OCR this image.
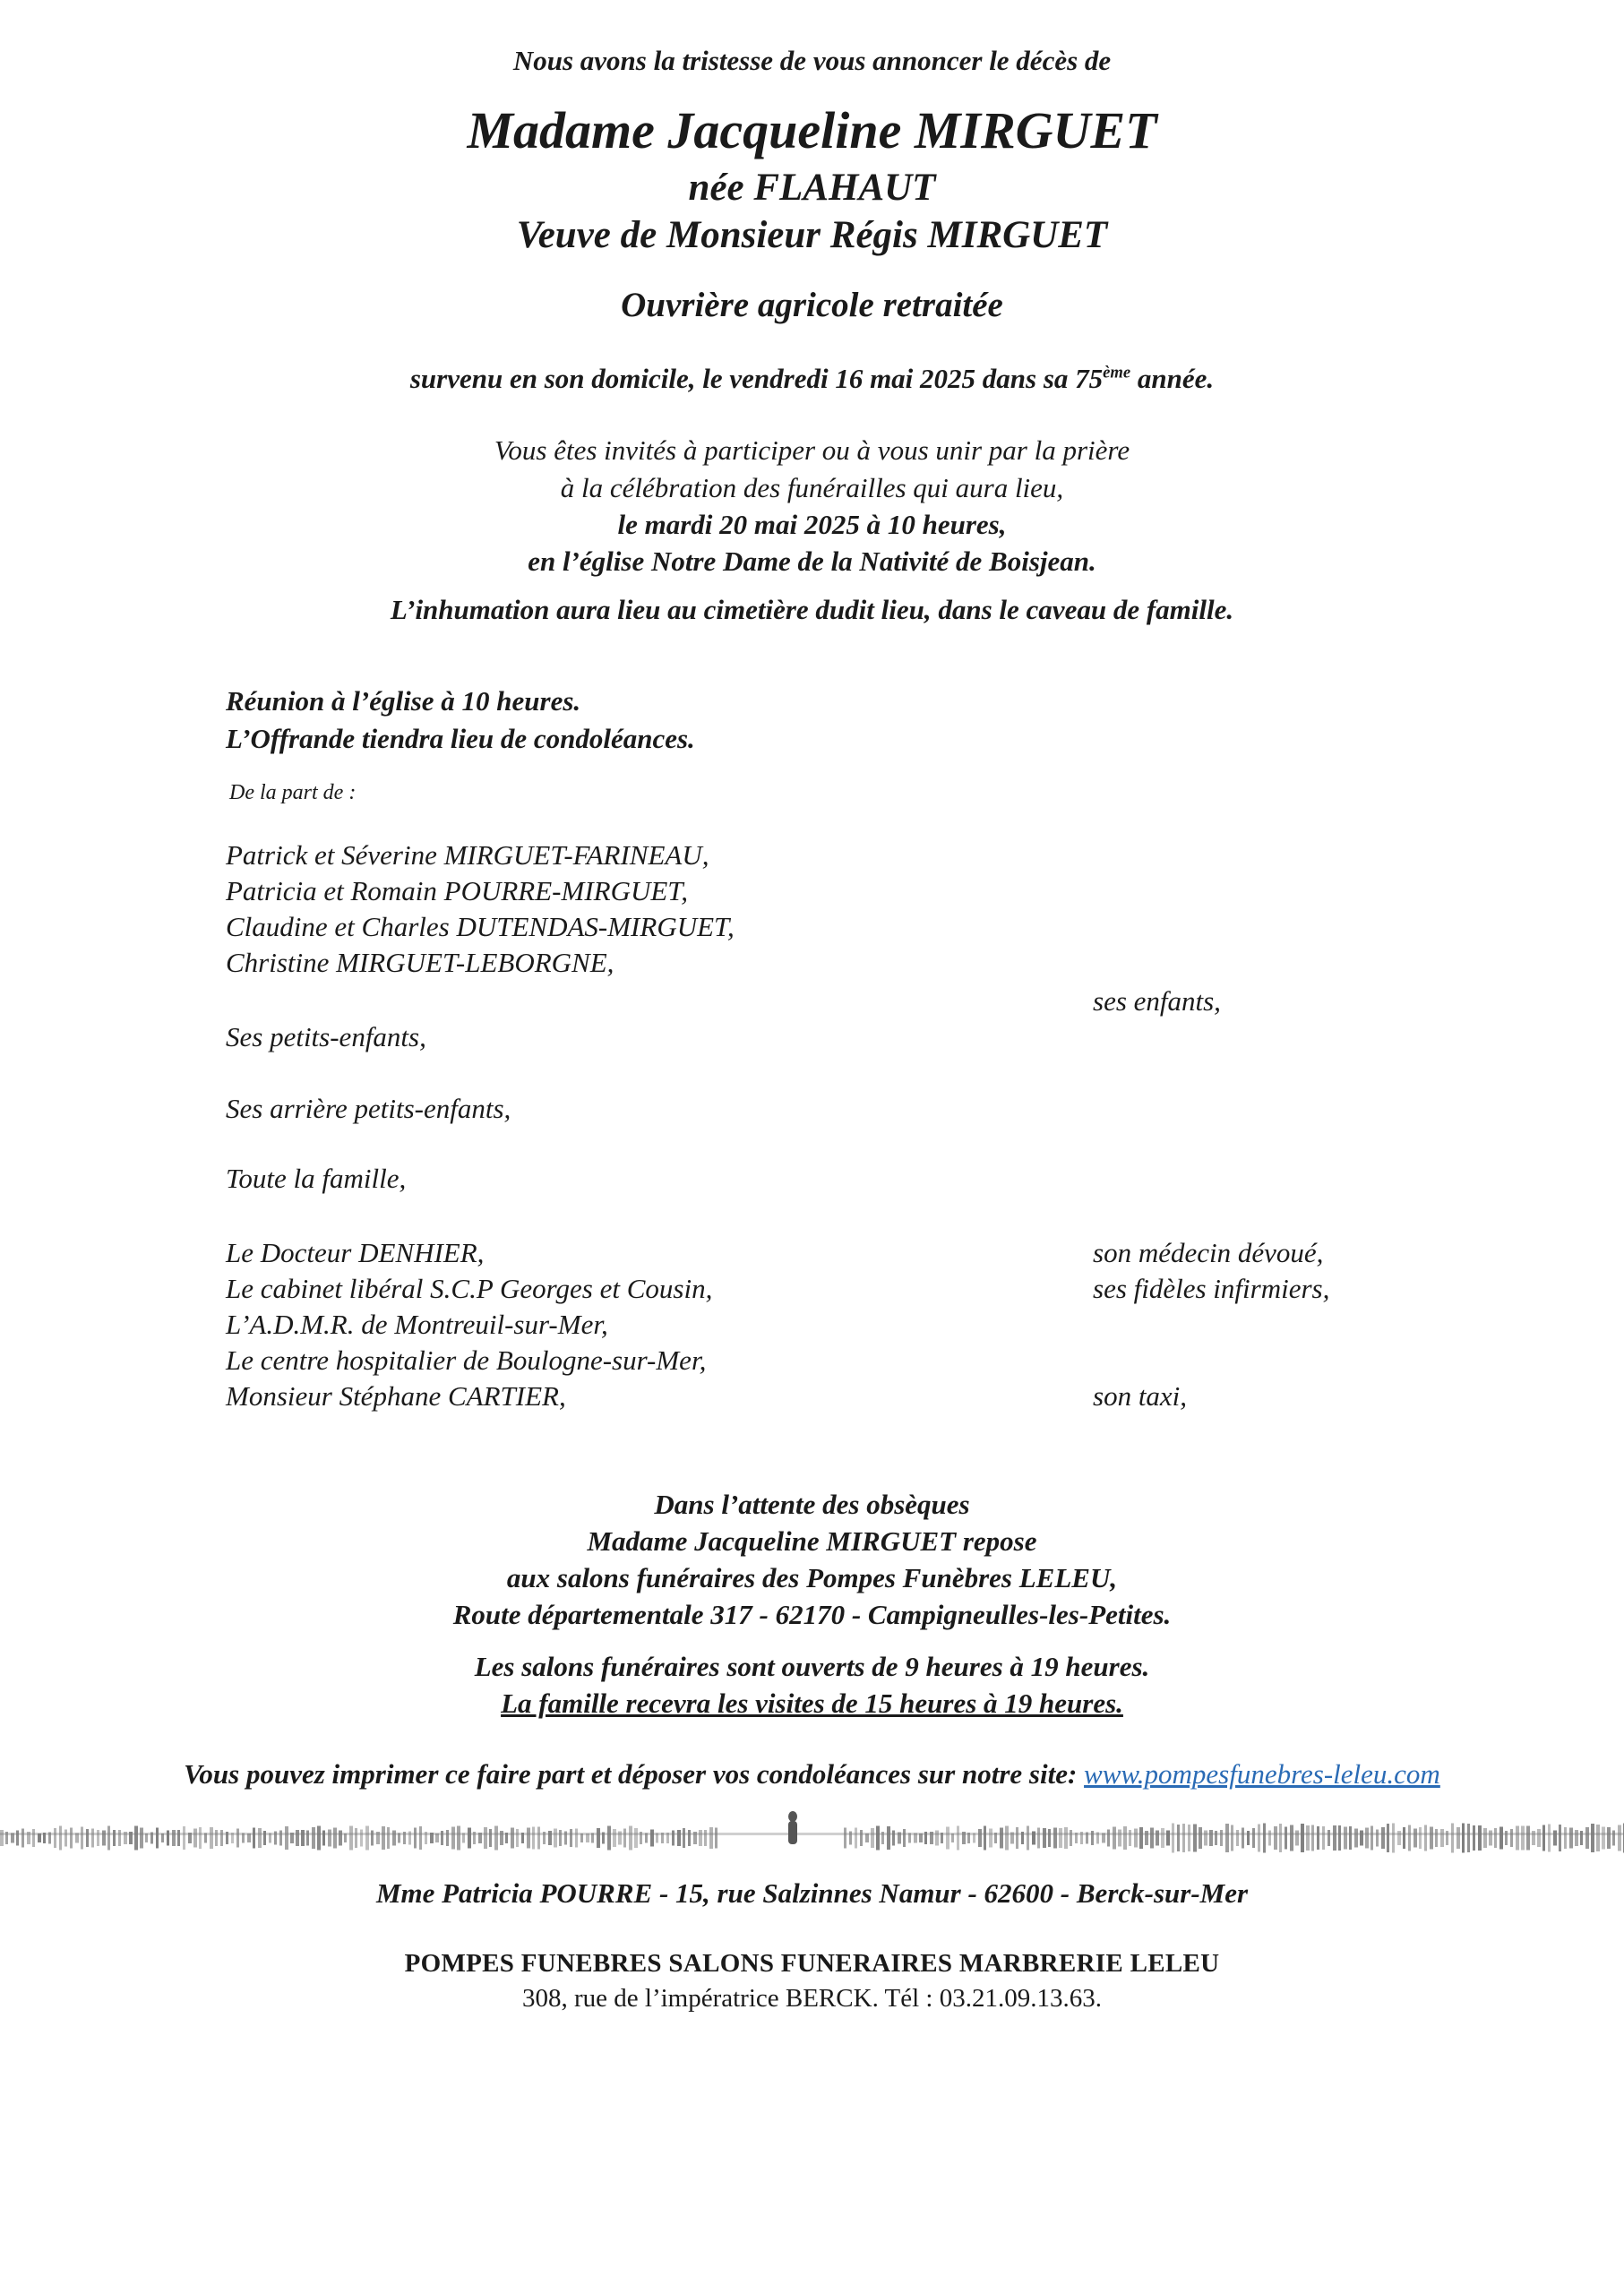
Nous avons la tristesse de vous annoncer le décès de
Madame Jacqueline MIRGUET
née FLAHAUT
Veuve de Monsieur Régis MIRGUET
Ouvrière agricole retraitée
survenu en son domicile, le vendredi 16 mai 2025 dans sa 75ème année.
Vous êtes invités à participer ou à vous unir par la prière
à la célébration des funérailles qui aura lieu,
le mardi 20 mai 2025 à 10 heures,
en l’église Notre Dame de la Nativité de Boisjean.
L’inhumation aura lieu au cimetière dudit lieu, dans le caveau de famille.
Réunion à l’église à 10 heures.
L’Offrande tiendra lieu de condoléances.
De la part de :
Patrick et Séverine MIRGUET-FARINEAU,
Patricia et Romain POURRE-MIRGUET,
Claudine et Charles DUTENDAS-MIRGUET,
Christine MIRGUET-LEBORGNE,
ses enfants,
Ses petits-enfants,
Ses arrière petits-enfants,
Toute la famille,
Le Docteur DENHIER,
Le cabinet libéral S.C.P Georges et Cousin,
L’A.D.M.R. de Montreuil-sur-Mer,
Le centre hospitalier de Boulogne-sur-Mer,
Monsieur Stéphane CARTIER,
son médecin dévoué,
ses fidèles infirmiers,
son taxi,
Dans l’attente des obsèques
Madame Jacqueline MIRGUET repose
aux salons funéraires des Pompes Funèbres LELEU,
Route départementale 317 - 62170 - Campigneulles-les-Petites.
Les salons funéraires sont ouverts de 9 heures à 19 heures.
La famille recevra les visites de 15 heures à 19 heures.
Vous pouvez imprimer ce faire part et déposer vos condoléances sur notre site: www.pompesfunebres-leleu.com
Mme Patricia POURRE - 15, rue Salzinnes Namur - 62600 - Berck-sur-Mer
POMPES FUNEBRES SALONS FUNERAIRES MARBRERIE LELEU
308, rue de l’impératrice BERCK. Tél : 03.21.09.13.63.
